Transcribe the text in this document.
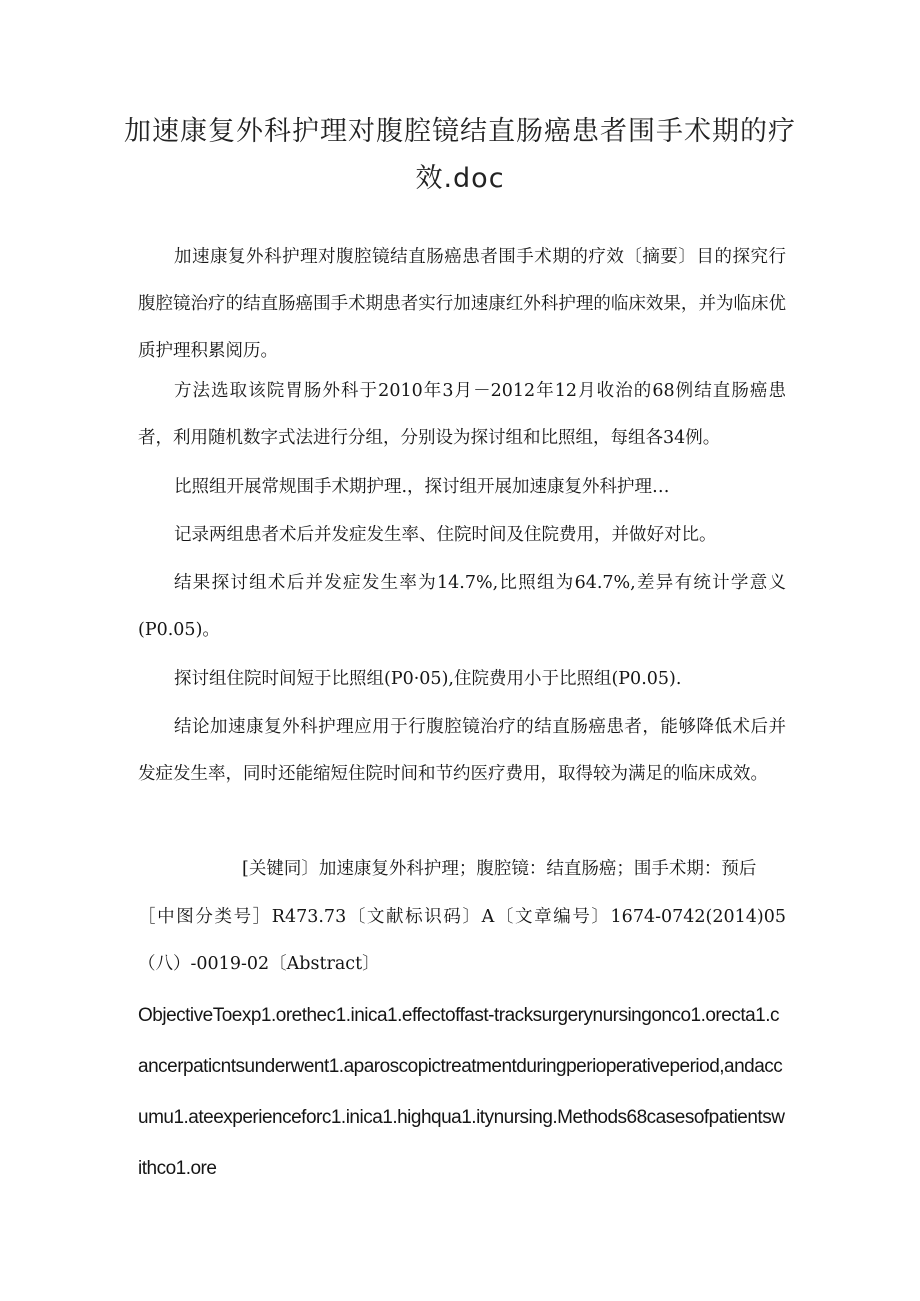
加速康复外科护理对腹腔镜结直肠癌患者围手术期的疗效.doc

加速康复外科护理对腹腔镜结直肠癌患者围手术期的疗效〔摘要〕目的探究行腹腔镜治疗的结直肠癌围手术期患者实行加速康红外科护理的临床效果，并为临床优质护理积累阅历。

方法选取该院胃肠外科于2010年3月－2012年12月收治的68例结直肠癌患者，利用随机数字式法进行分组，分别设为探讨组和比照组，每组各34例。

比照组开展常规围手术期护理.，探讨组开展加速康复外科护理…

记录两组患者术后并发症发生率、住院时间及住院费用，并做好对比。

结果探讨组术后并发症发生率为14.7%,比照组为64.7%,差异有统计学意义(P0.05)。

探讨组住院时间短于比照组(P0·05),住院费用小于比照组(P0.05).

结论加速康复外科护理应用于行腹腔镜治疗的结直肠癌患者，能够降低术后并发症发生率，同时还能缩短住院时间和节约医疗费用，取得较为满足的临床成效。

[关键同〕加速康复外科护理；腹腔镜：结直肠癌；围手术期：预后

［中图分类号］R473.73〔文献标识码〕A〔文章编号〕1674-0742(2014)05（八）-0019-02〔Abstract〕

ObjectiveToexp1.orethec1.inica1.effectoffast-tracksurgerynursingonco1.orecta1.cancerpaticntsunderwent1.aparoscopictreatmentduringperioperativeperiod,andaccumu1.ateexperienceforc1.inica1.highqua1.itynursing.Methods68casesofpatientswithco1.ore
